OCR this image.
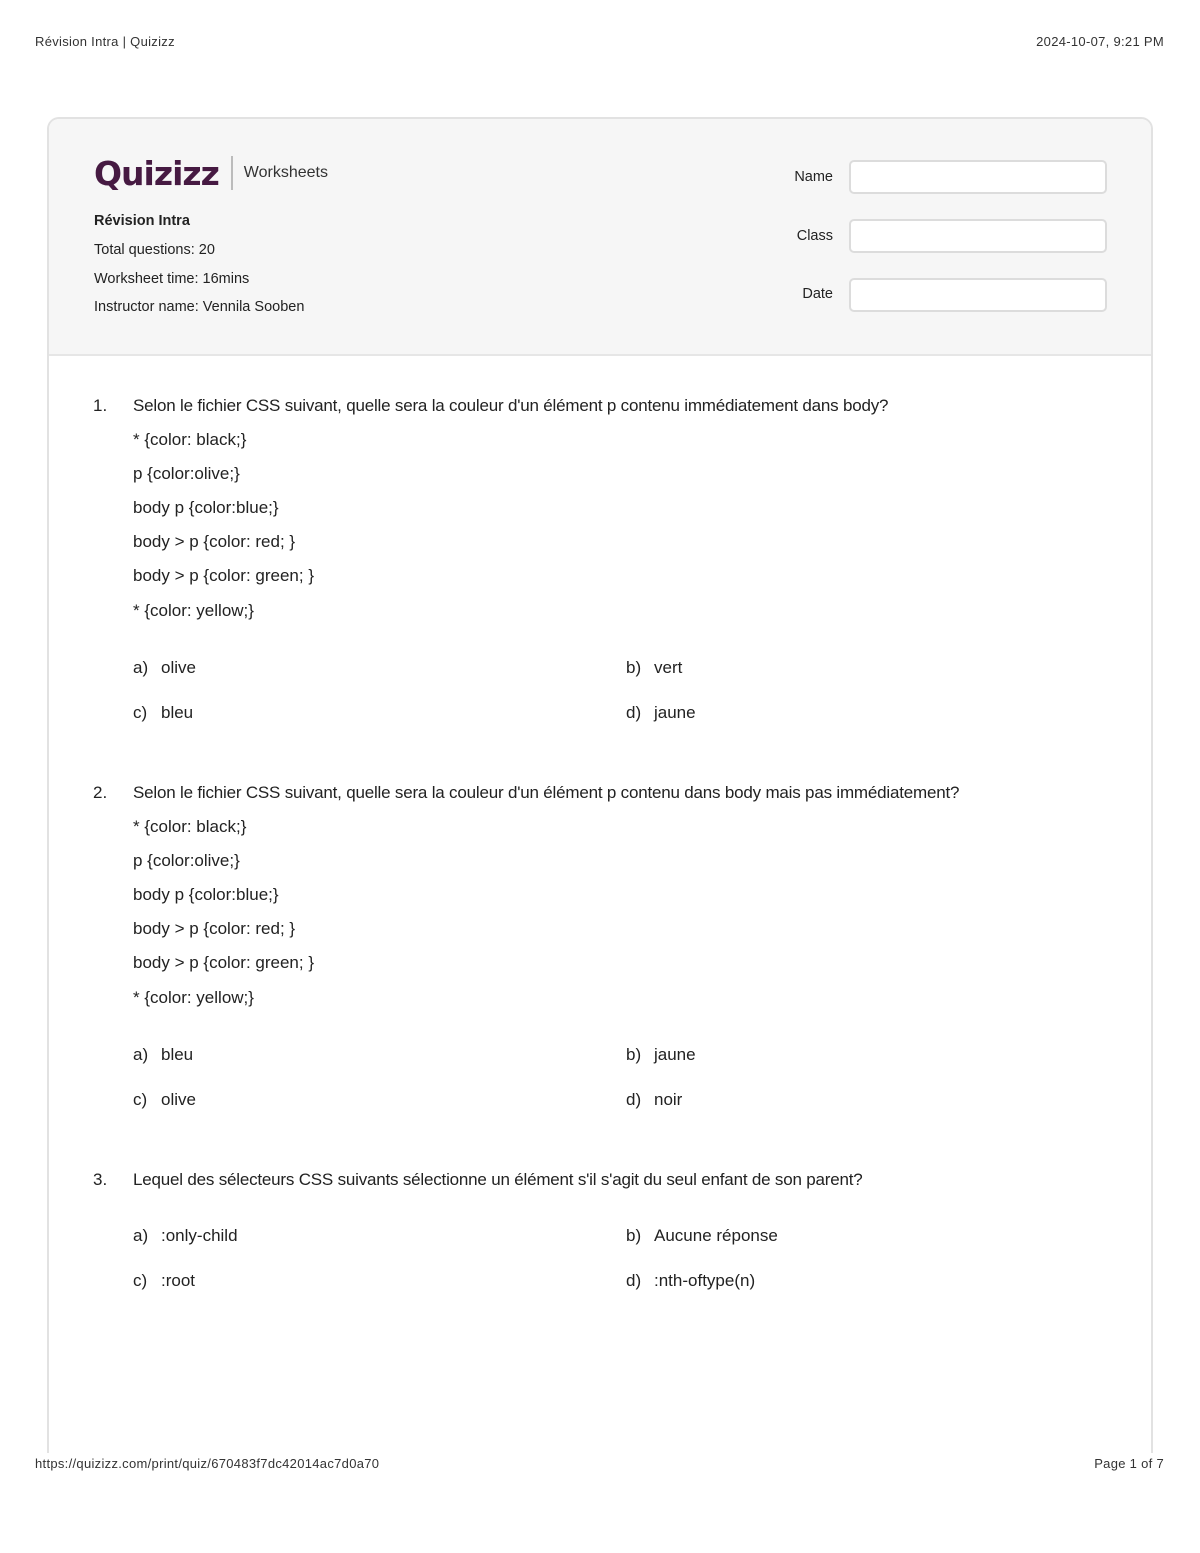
Révision Intra | Quizizz	2024-10-07, 9:21 PM
Quizizz Worksheets
Révision Intra
Total questions: 20
Worksheet time: 16mins
Instructor name: Vennila Sooben
Name
Class
Date
1. Selon le fichier CSS suivant, quelle sera la couleur d'un élément p contenu immédiatement dans body?
* {color: black;}
p {color:olive;}
body p {color:blue;}
body > p {color: red; }
body > p {color: green; }
* {color: yellow;}
a) olive	b) vert
c) bleu	d) jaune
2. Selon le fichier CSS suivant, quelle sera la couleur d'un élément p contenu dans body mais pas immédiatement?
* {color: black;}
p {color:olive;}
body p {color:blue;}
body > p {color: red; }
body > p {color: green; }
* {color: yellow;}
a) bleu	b) jaune
c) olive	d) noir
3. Lequel des sélecteurs CSS suivants sélectionne un élément s'il s'agit du seul enfant de son parent?
a) :only-child	b) Aucune réponse
c) :root	d) :nth-oftype(n)
https://quizizz.com/print/quiz/670483f7dc42014ac7d0a70	Page 1 of 7
